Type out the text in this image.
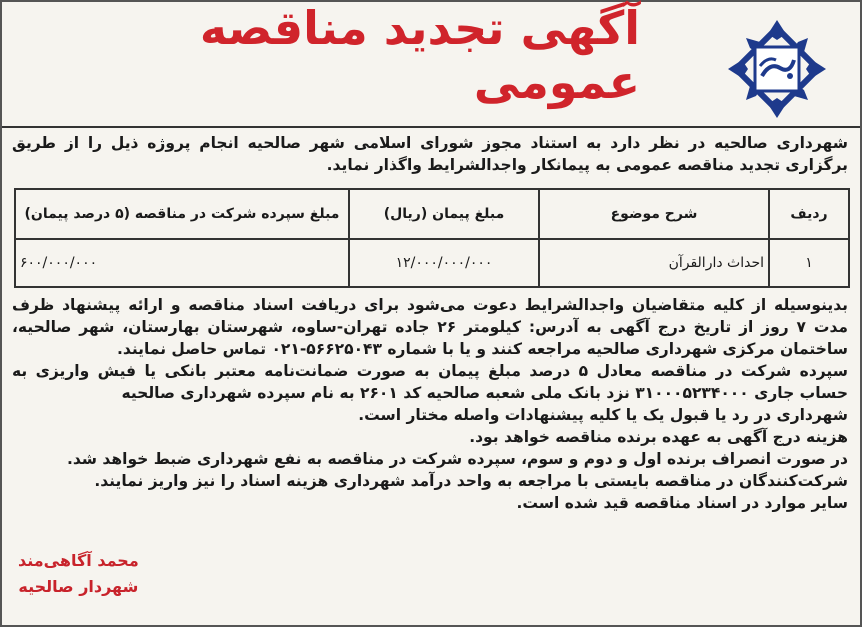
آگهی تجدید مناقصه عمومی
شهرداری صالحیه در نظر دارد به استناد مجوز شورای اسلامی شهر صالحیه انجام پروژه ذیل را از طریق برگزاری تجدید مناقصه عمومی به پیمانکار واجدالشرایط واگذار نماید.
ردیف	شرح موضوع	مبلغ پیمان (ریال)	مبلغ سپرده شرکت در مناقصه (۵ درصد پیمان)
۱	احداث دارالقرآن	۱۲/۰۰۰/۰۰۰/۰۰۰	۶۰۰/۰۰۰/۰۰۰

بدینوسیله از کلیه متقاضیان واجدالشرایط دعوت می‌شود برای دریافت اسناد مناقصه و ارائه پیشنهاد ظرف مدت ۷ روز از تاریخ درج آگهی به آدرس: کیلومتر ۲۶ جاده تهران-ساوه، شهرستان بهارستان، شهر صالحیه، ساختمان مرکزی شهرداری صالحیه مراجعه کنند و یا با شماره ۵۶۶۲۵۰۴۳-۰۲۱ تماس حاصل نمایند.

سپرده شرکت در مناقصه معادل ۵ درصد مبلغ پیمان به صورت ضمانت‌نامه معتبر بانکی یا فیش واریزی به حساب جاری ۳۱۰۰۰۵۲۳۴۰۰۰ نزد بانک ملی شعبه صالحیه کد ۲۶۰۱ به نام سپرده شهرداری صالحیه

شهرداری در رد یا قبول یک یا کلیه پیشنهادات واصله مختار است.

هزینه درج آگهی به عهده برنده مناقصه خواهد بود.

در صورت انصراف برنده اول و دوم و سوم، سپرده شرکت در مناقصه به نفع شهرداری ضبط خواهد شد.

شرکت‌کنندگان در مناقصه بایستی با مراجعه به واحد درآمد شهرداری هزینه اسناد را نیز واریز نمایند.

سایر موارد در اسناد مناقصه قید شده است.

محمد آگاهی‌مند
شهردار صالحیه
